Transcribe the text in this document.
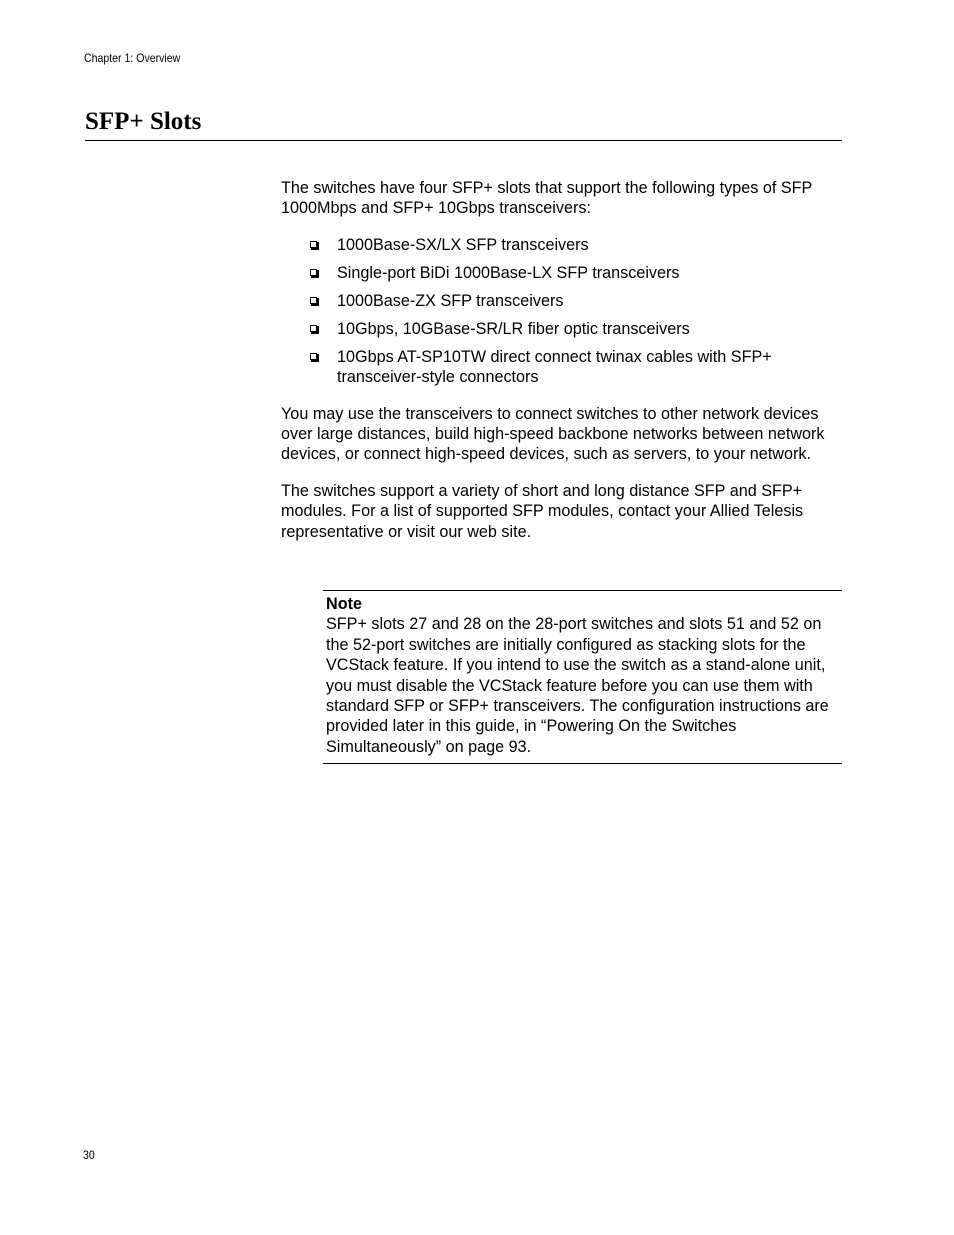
Chapter 1: Overview
SFP+ Slots

The switches have four SFP+ slots that support the following types of SFP 1000Mbps and SFP+ 10Gbps transceivers:

1000Base-SX/LX SFP transceivers
Single-port BiDi 1000Base-LX SFP transceivers
1000Base-ZX SFP transceivers
10Gbps, 10GBase-SR/LR fiber optic transceivers
10Gbps AT-SP10TW direct connect twinax cables with SFP+ transceiver-style connectors

You may use the transceivers to connect switches to other network devices over large distances, build high-speed backbone networks between network devices, or connect high-speed devices, such as servers, to your network.

The switches support a variety of short and long distance SFP and SFP+ modules. For a list of supported SFP modules, contact your Allied Telesis representative or visit our web site.

Note

SFP+ slots 27 and 28 on the 28-port switches and slots 51 and 52 on the 52-port switches are initially configured as stacking slots for the VCStack feature. If you intend to use the switch as a stand-alone unit, you must disable the VCStack feature before you can use them with standard SFP or SFP+ transceivers. The configuration instructions are provided later in this guide, in “Powering On the Switches Simultaneously” on page 93.

30
